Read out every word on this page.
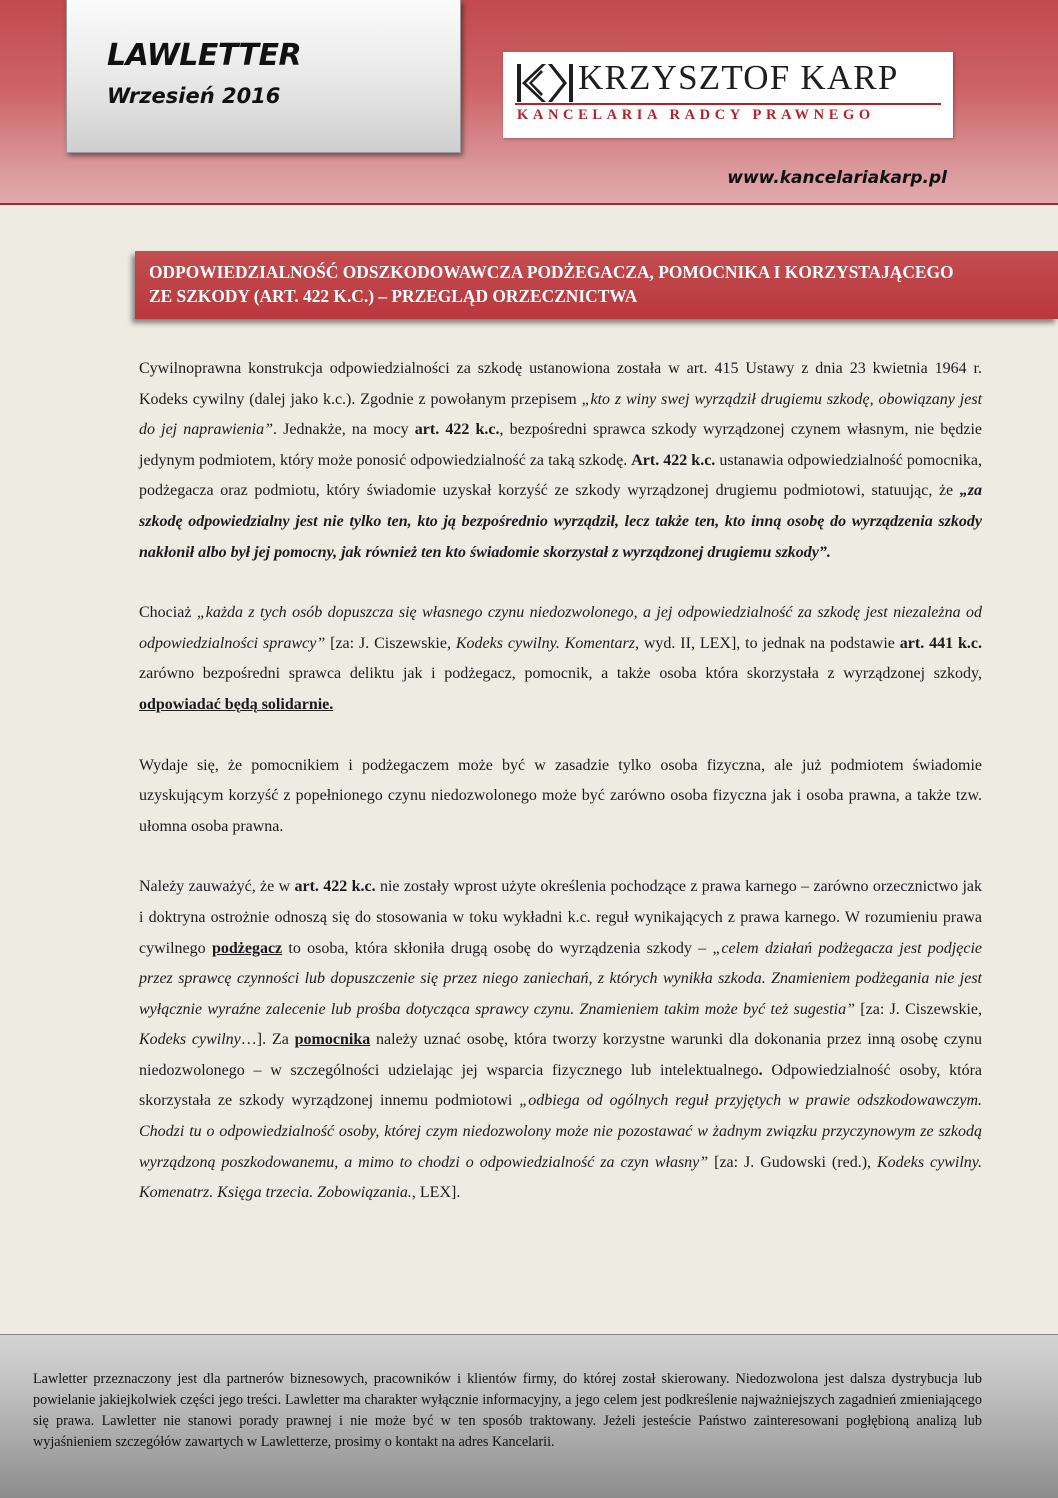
LAWLETTER
Wrzesień 2016	KRZYSZTOF KARP
KANCELARIA RADCY PRAWNEGO
www.kancelariakarp.pl
ODPOWIEDZIALNOŚĆ ODSZKODOWAWCZA PODŻEGACZA, POMOCNIKA I KORZYSTAJĄCEGO
ZE SZKODY (ART. 422 K.C.) – PRZEGLĄD ORZECZNICTWA

Cywilnoprawna konstrukcja odpowiedzialności za szkodę ustanowiona została w art. 415 Ustawy z dnia 23 kwietnia 1964 r. Kodeks cywilny (dalej jako k.c.). Zgodnie z powołanym przepisem „kto z winy swej wyrządził drugiemu szkodę, obowiązany jest do jej naprawienia”. Jednakże, na mocy art. 422 k.c., bezpośredni sprawca szkody wyrządzonej czynem własnym, nie będzie jedynym podmiotem, który może ponosić odpowiedzialność za taką szkodę. Art. 422 k.c. ustanawia odpowiedzialność pomocnika, podżegacza oraz podmiotu, który świadomie uzyskał korzyść ze szkody wyrządzonej drugiemu podmiotowi, statuując, że „za szkodę odpowiedzialny jest nie tylko ten, kto ją bezpośrednio wyrządził, lecz także ten, kto inną osobę do wyrządzenia szkody nakłonił albo był jej pomocny, jak również ten kto świadomie skorzystał z wyrządzonej drugiemu szkody”.

Chociaż „każda z tych osób dopuszcza się własnego czynu niedozwolonego, a jej odpowiedzialność za szkodę jest niezależna od odpowiedzialności sprawcy” [za: J. Ciszewskie, Kodeks cywilny. Komentarz, wyd. II, LEX], to jednak na podstawie art. 441 k.c. zarówno bezpośredni sprawca deliktu jak i podżegacz, pomocnik, a także osoba która skorzystała z wyrządzonej szkody, odpowiadać będą solidarnie.

Wydaje się, że pomocnikiem i podżegaczem może być w zasadzie tylko osoba fizyczna, ale już podmiotem świadomie uzyskującym korzyść z popełnionego czynu niedozwolonego może być zarówno osoba fizyczna jak i osoba prawna, a także tzw. ułomna osoba prawna.

Należy zauważyć, że w art. 422 k.c. nie zostały wprost użyte określenia pochodzące z prawa karnego – zarówno orzecznictwo jak i doktryna ostrożnie odnoszą się do stosowania w toku wykładni k.c. reguł wynikających z prawa karnego. W rozumieniu prawa cywilnego podżegacz to osoba, która skłoniła drugą osobę do wyrządzenia szkody – „celem działań podżegacza jest podjęcie przez sprawcę czynności lub dopuszczenie się przez niego zaniechań, z których wynikła szkoda. Znamieniem podżegania nie jest wyłącznie wyraźne zalecenie lub prośba dotycząca sprawcy czynu. Znamieniem takim może być też sugestia” [za: J. Ciszewskie, Kodeks cywilny…]. Za pomocnika należy uznać osobę, która tworzy korzystne warunki dla dokonania przez inną osobę czynu niedozwolonego – w szczególności udzielając jej wsparcia fizycznego lub intelektualnego. Odpowiedzialność osoby, która skorzystała ze szkody wyrządzonej innemu podmiotowi „odbiega od ogólnych reguł przyjętych w prawie odszkodowawczym. Chodzi tu o odpowiedzialność osoby, której czym niedozwolony może nie pozostawać w żadnym związku przyczynowym ze szkodą wyrządzoną poszkodowanemu, a mimo to chodzi o odpowiedzialność za czyn własny” [za: J. Gudowski (red.), Kodeks cywilny. Komenatrz. Księga trzecia. Zobowiązania., LEX].

Lawletter przeznaczony jest dla partnerów biznesowych, pracowników i klientów firmy, do której został skierowany. Niedozwolona jest dalsza dystrybucja lub powielanie jakiejkolwiek części jego treści. Lawletter ma charakter wyłącznie informacyjny, a jego celem jest podkreślenie najważniejszych zagadnień zmieniającego się prawa. Lawletter nie stanowi porady prawnej i nie może być w ten sposób traktowany. Jeżeli jesteście Państwo zainteresowani pogłębioną analizą lub wyjaśnieniem szczegółów zawartych w Lawletterze, prosimy o kontakt na adres Kancelarii.
